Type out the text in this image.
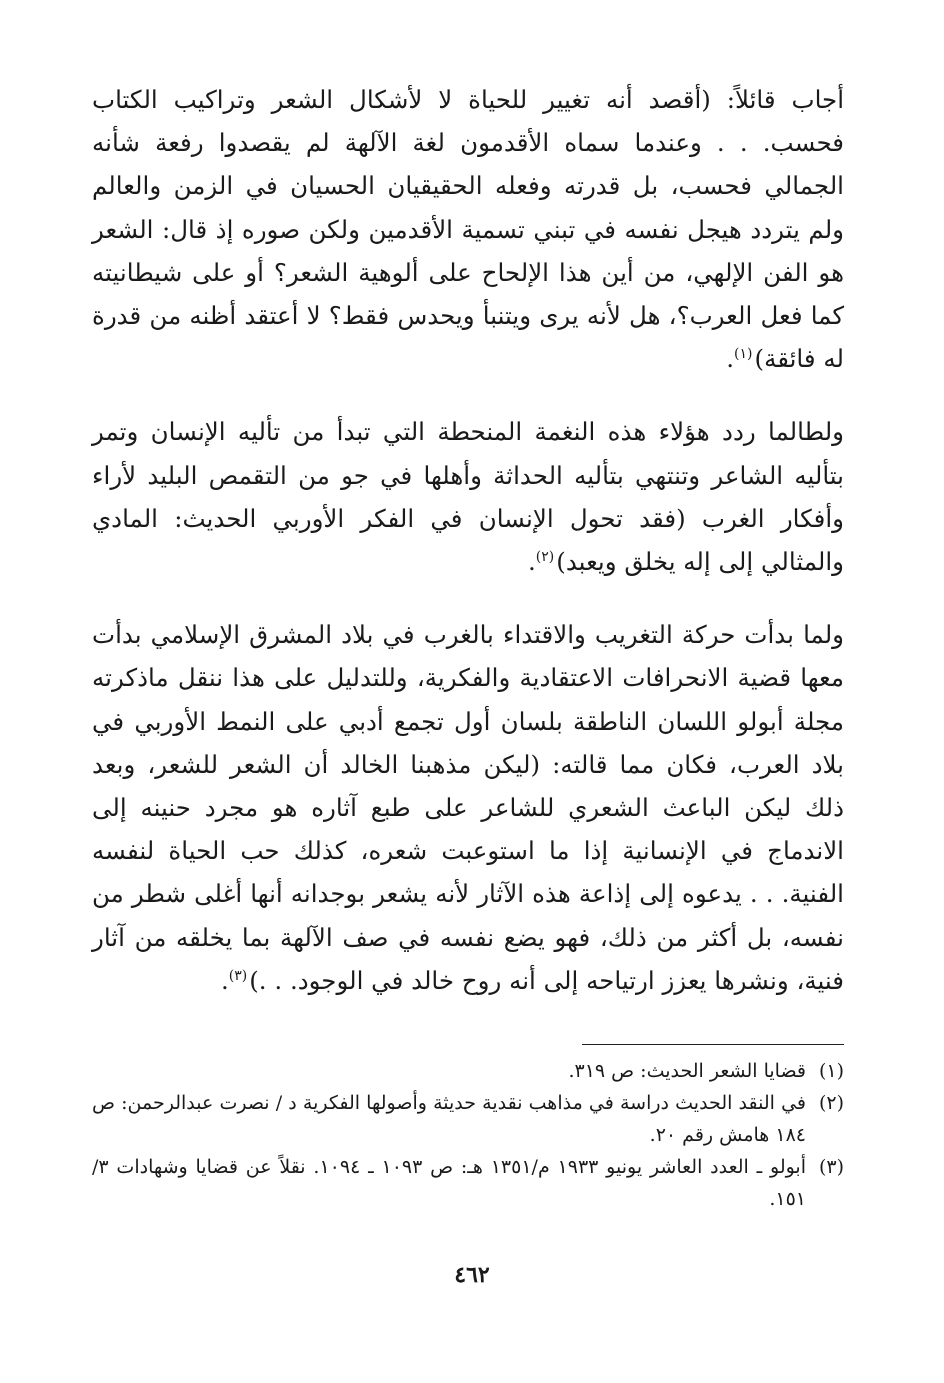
أجاب قائلاً: (أقصد أنه تغيير للحياة لا لأشكال الشعر وتراكيب الكتاب فحسب. . . وعندما سماه الأقدمون لغة الآلهة لم يقصدوا رفعة شأنه الجمالي فحسب، بل قدرته وفعله الحقيقيان الحسيان في الزمن والعالم ولم يتردد هيجل نفسه في تبني تسمية الأقدمين ولكن صوره إذ قال: الشعر هو الفن الإلهي، من أين هذا الإلحاح على ألوهية الشعر؟ أو على شيطانيته كما فعل العرب؟، هل لأنه يرى ويتنبأ ويحدس فقط؟ لا أعتقد أظنه من قدرة له فائقة)$^{(١)}$.

ولطالما ردد هؤلاء هذه النغمة المنحطة التي تبدأ من تأليه الإنسان وتمر بتأليه الشاعر وتنتهي بتأليه الحداثة وأهلها في جو من التقمص البليد لأراء وأفكار الغرب (فقد تحول الإنسان في الفكر الأوربي الحديث: المادي والمثالي إلى إله يخلق ويعبد)$^{(٢)}$.

ولما بدأت حركة التغريب والاقتداء بالغرب في بلاد المشرق الإسلامي بدأت معها قضية الانحرافات الاعتقادية والفكرية، وللتدليل على هذا ننقل ماذكرته مجلة أبولو اللسان الناطقة بلسان أول تجمع أدبي على النمط الأوربي في بلاد العرب، فكان مما قالته: (ليكن مذهبنا الخالد أن الشعر للشعر، وبعد ذلك ليكن الباعث الشعري للشاعر على طبع آثاره هو مجرد حنينه إلى الاندماج في الإنسانية إذا ما استوعبت شعره، كذلك حب الحياة لنفسه الفنية. . . يدعوه إلى إذاعة هذه الآثار لأنه يشعر بوجدانه أنها أغلى شطر من نفسه، بل أكثر من ذلك، فهو يضع نفسه في صف الآلهة بما يخلقه من آثار فنية، ونشرها يعزز ارتياحه إلى أنه روح خالد في الوجود. . .)$^{(٣)}$.

(١)
قضايا الشعر الحديث: ص ٣١٩.
(٢)
في النقد الحديث دراسة في مذاهب نقدية حديثة وأصولها الفكرية د / نصرت عبدالرحمن: ص ١٨٤ هامش رقم ٢٠.
(٣)
أبولو ـ العدد العاشر يونيو ١٩٣٣ م/١٣٥١ هـ: ص ١٠٩٣ ـ ١٠٩٤. نقلاً عن قضايا وشهادات ٣/ ١٥١.
٤٦٢
